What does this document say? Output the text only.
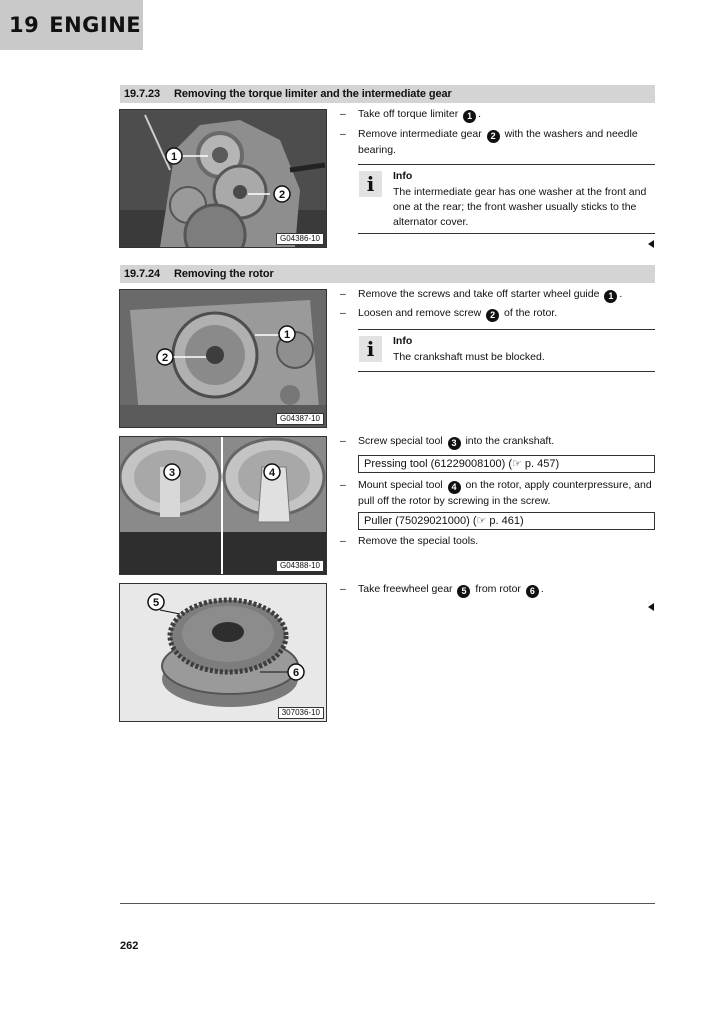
19 ENGINE
19.7.23	Removing the torque limiter and the intermediate gear
1
2
G04386-10

– Take off torque limiter 1 .

– Remove intermediate gear 2 with the washers and needle bearing.

i Info
The intermediate gear has one washer at the front and one at the rear; the front washer usually sticks to the alternator cover.
19.7.24	Removing the rotor
1
2
G04387-10

– Remove the screws and take off starter wheel guide 1 .

– Loosen and remove screw 2 of the rotor.

i Info
The crankshaft must be blocked.
3	4
G04388-10

– Screw special tool 3 into the crankshaft.

Pressing tool (61229008100) (☞ p. 457)

– Mount special tool 4 on the rotor, apply counterpressure, and pull off the rotor by screwing in the screw.

Puller (75029021000) (☞ p. 461)

– Remove the special tools.

5
6
307036-10

– Take freewheel gear 5 from rotor 6 .

262
